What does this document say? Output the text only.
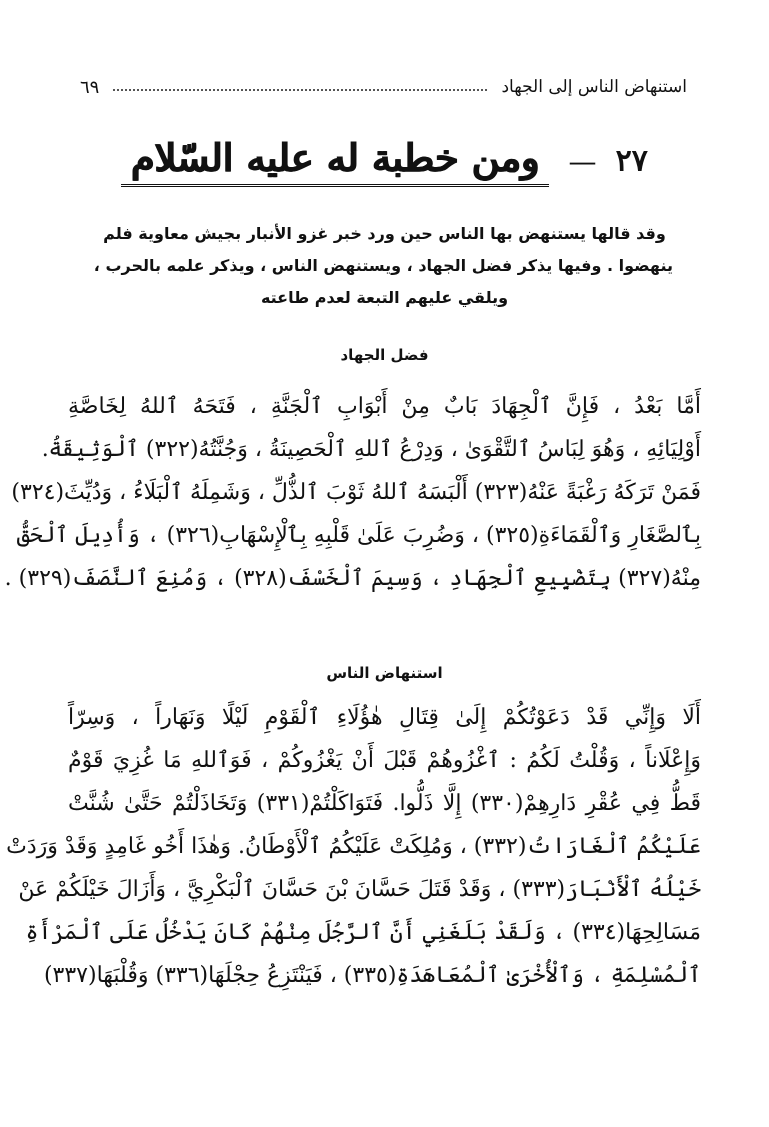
استنهاض الناس إلى الجهاد
٦٩
٢٧ — ومن خطبة له عليه السّلام
وقد قالها يستنهض بها الناس حين ورد خبر غزو الأنبار بجيش معاوية فلم
ينهضوا . وفيها يذكر فضل الجهاد ، ويستنهض الناس ، ويذكر علمه بالحرب ،
ويلقي عليهم التبعة لعدم طاعته
فضل الجهاد
أَمَّا بَعْدُ ، فَإِنَّ ٱلْجِهَادَ بَابٌ مِنْ أَبْوَابِ ٱلْجَنَّةِ ، فَتَحَهُ ٱللهُ لِخَاصَّةِ
أَوْلِيَائِهِ ، وَهُوَ لِبَاسُ ٱلتَّقْوَىٰ ، وَدِرْعُ ٱللهِ ٱلْحَصِينَةُ ، وَجُنَّتُهُ(٣٢٢) ٱلْوَثِيقَةُ.
فَمَنْ تَرَكَهُ رَغْبَةً عَنْهُ(٣٢٣) أَلْبَسَهُ ٱللهُ ثَوْبَ ٱلذُّلِّ ، وَشَمِلَهُ ٱلْبَلَاءُ ، وَدُيِّثَ(٣٢٤)
بِٱلصَّغَارِ وَٱلْقَمَاءَةِ(٣٢٥) ، وَضُرِبَ عَلَىٰ قَلْبِهِ بِٱلْإِسْهَابِ(٣٢٦) ، وَأُدِيلَ ٱلْحَقُّ
مِنْهُ(٣٢٧) بِتَضْيِيعِ ٱلْجِهَادِ ، وَسِيمَ ٱلْخَسْفَ(٣٢٨) ، وَمُنِعَ ٱلنَّصَفَ(٣٢٩) .
استنهاض الناس
أَلَا وَإِنِّي قَدْ دَعَوْتُكُمْ إِلَىٰ قِتَالِ هٰؤُلَاءِ ٱلْقَوْمِ لَيْلًا وَنَهَاراً ، وَسِرّاً
وَإِعْلَاناً ، وَقُلْتُ لَكُمُ : ٱغْزُوهُمْ قَبْلَ أَنْ يَغْزُوكُمْ ، فَوَٱللهِ مَا غُزِيَ قَوْمٌ
قَطُّ فِي عُقْرِ دَارِهِمْ(٣٣٠) إِلَّا ذَلُّوا. فَتَوَاكَلْتُمْ(٣٣١) وَتَخَاذَلْتُمْ حَتَّىٰ شُنَّتْ
عَلَيْكُمُ ٱلْغَارَاتُ(٣٣٢) ، وَمُلِكَتْ عَلَيْكُمُ ٱلْأَوْطَانُ. وَهٰذَا أَخُو غَامِدٍ وَقَدْ وَرَدَتْ
خَيْلُهُ ٱلْأَنْبَارَ(٣٣٣) ، وَقَدْ قَتَلَ حَسَّانَ بْنَ حَسَّانَ ٱلْبَكْرِيَّ ، وَأَزَالَ خَيْلَكُمْ عَنْ
مَسَالِحِهَا(٣٣٤) ، وَلَقَدْ بَلَغَنِي أَنَّ ٱلرَّجُلَ مِنْهُمْ كَانَ يَدْخُلُ عَلَى ٱلْمَرْأَةِ
ٱلْمُسْلِمَةِ ، وَٱلْأُخْرَىٰ ٱلْمُعَاهَدَةِ(٣٣٥) ، فَيَنْتَزِعُ حِجْلَهَا(٣٣٦) وَقُلْبَهَا(٣٣٧)
